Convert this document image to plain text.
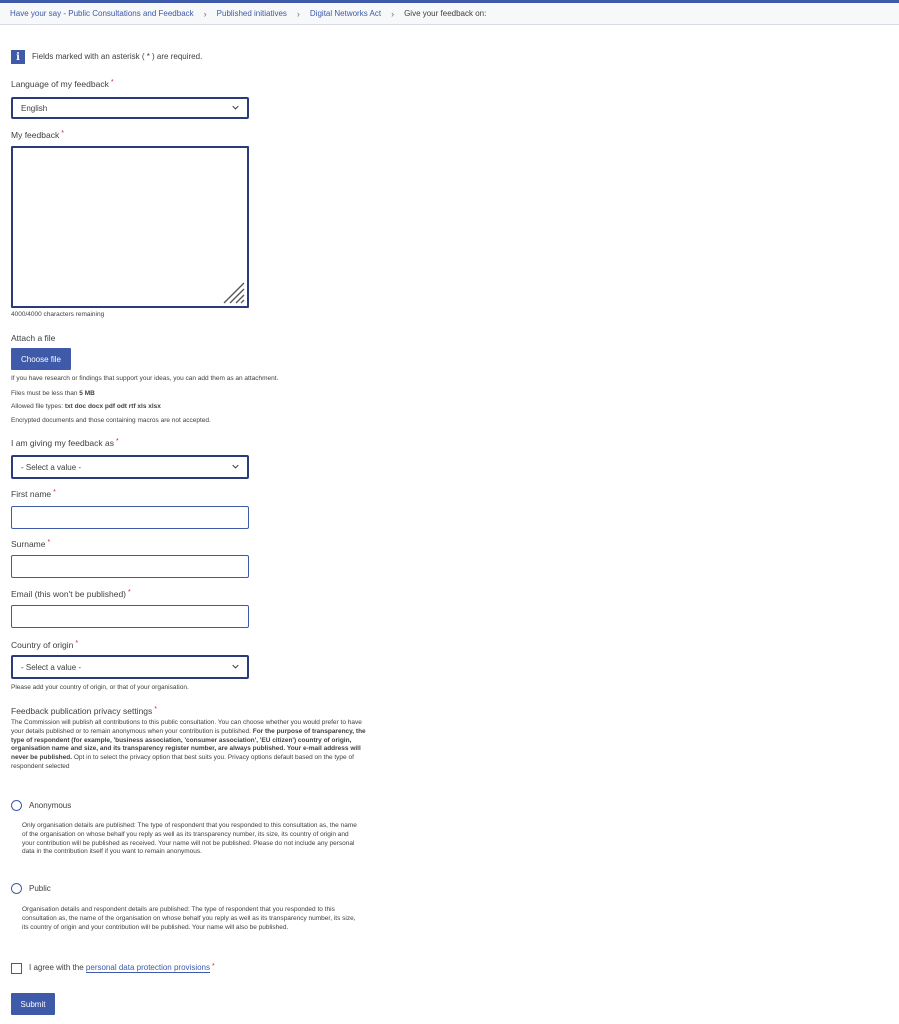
Have your say - Public Consultations and Feedback › Published initiatives › Digital Networks Act › Give your feedback on:
i	Fields marked with an asterisk ( * ) are required.
Language of my feedback *
English
My feedback *
4000/4000 characters remaining
Attach a file
Choose file
If you have research or findings that support your ideas, you can add them as an attachment.
Files must be less than 5 MB
Allowed file types: txt doc docx pdf odt rtf xls xlsx
Encrypted documents and those containing macros are not accepted.
I am giving my feedback as *
- Select a value -
First name *
Surname *
Email (this won't be published) *
Country of origin *
- Select a value -
Please add your country of origin, or that of your organisation.
Feedback publication privacy settings *
The Commission will publish all contributions to this public consultation. You can choose whether you would prefer to have your details published or to remain anonymous when your contribution is published. For the purpose of transparency, the type of respondent (for example, 'business association, 'consumer association', 'EU citizen') country of origin, organisation name and size, and its transparency register number, are always published. Your e-mail address will never be published. Opt in to select the privacy option that best suits you. Privacy options default based on the type of respondent selected
Anonymous
Only organisation details are published: The type of respondent that you responded to this consultation as, the name of the organisation on whose behalf you reply as well as its transparency number, its size, its country of origin and your contribution will be published as received. Your name will not be published. Please do not include any personal data in the contribution itself if you want to remain anonymous.
Public
Organisation details and respondent details are published: The type of respondent that you responded to this consultation as, the name of the organisation on whose behalf you reply as well as its transparency number, its size, its country of origin and your contribution will be published. Your name will also be published.
I agree with the personal data protection provisions *
Submit
